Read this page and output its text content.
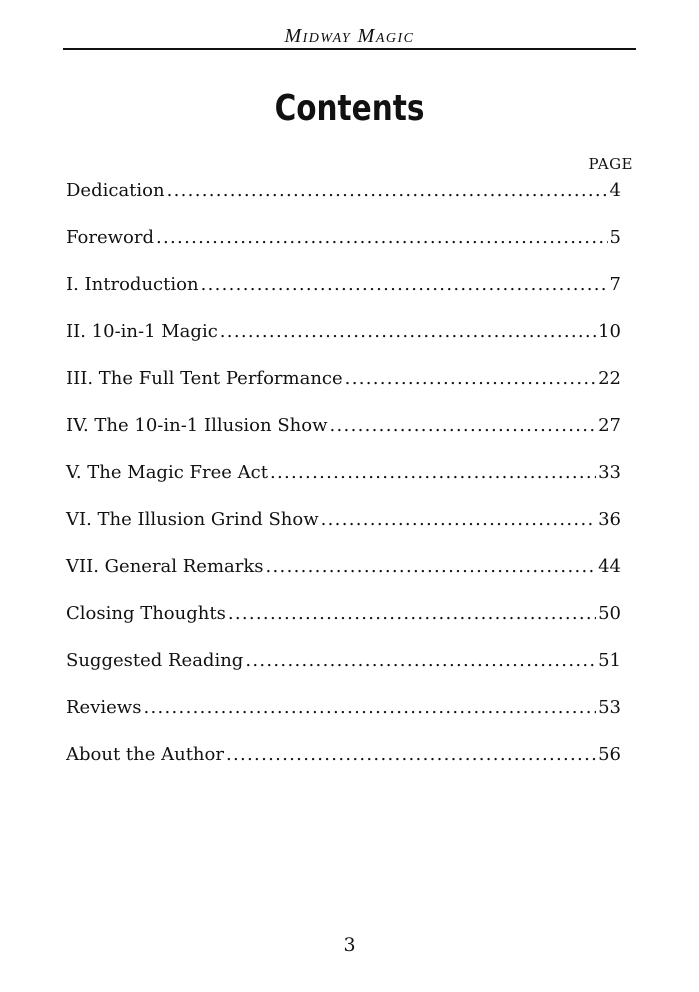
Midway Magic
Contents
PAGE
Dedication .....	4
Foreword .....	5
I. Introduction .....	7
II. 10-in-1 Magic .....	10
III. The Full Tent Performance .....	22
IV. The 10-in-1 Illusion Show .....	27
V. The Magic Free Act .....	33
VI. The Illusion Grind Show .....	36
VII. General Remarks .....	44
Closing Thoughts .....	50
Suggested Reading .....	51
Reviews .....	53
About the Author .....	56
3
